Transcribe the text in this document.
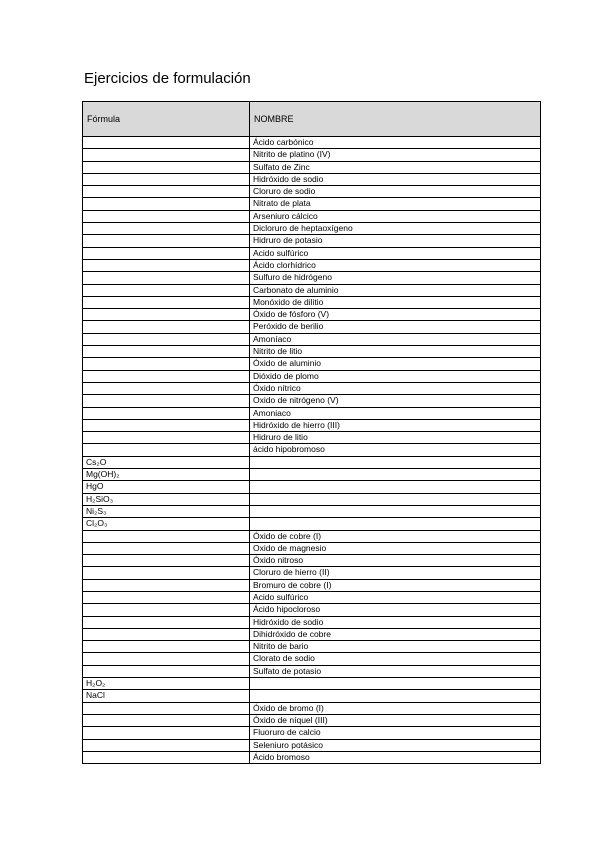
Ejercicios de formulación
Fórmula	NOMBRE
	Ácido carbónico
	Nitrito de platino (IV)
	Sulfato de Zinc
	Hidróxido de sodio
	Cloruro de sodio
	Nitrato de plata
	Arseniuro cálcico
	Dicloruro de heptaoxígeno
	Hidruro de potasio
	Acido sulfúrico
	Ácido clorhídrico
	Sulfuro de hidrógeno
	Carbonato de aluminio
	Monóxido de dilitio
	Óxido de fósforo (V)
	Peróxido de berilio
	Amoníaco
	Nitrito de litio
	Óxido de aluminio
	Dióxido de plomo
	Óxido nítrico
	Oxido de nitrógeno (V)
	Amoniaco
	Hidróxido de hierro (III)
	Hidruro de litio
	ácido hipobromoso
Cs₂O	
Mg(OH)₂	
HgO	
H₂SiO₃	
Ni₂S₃	
Cl₂O₃	
	Óxido de cobre (I)
	Oxido de magnesio
	Óxido nitroso
	Cloruro de hierro (II)
	Bromuro de cobre (I)
	Acido sulfúrico
	Ácido hipocloroso
	Hidróxido de sodio
	Dihidróxido de cobre
	Nitrito de bario
	Clorato de sodio
	Sulfato de potasio
H₂O₂	
NaCl	
	Óxido de bromo (I)
	Óxido de níquel (III)
	Fluoruro de calcio
	Seleniuro potásico
	Ácido bromoso
